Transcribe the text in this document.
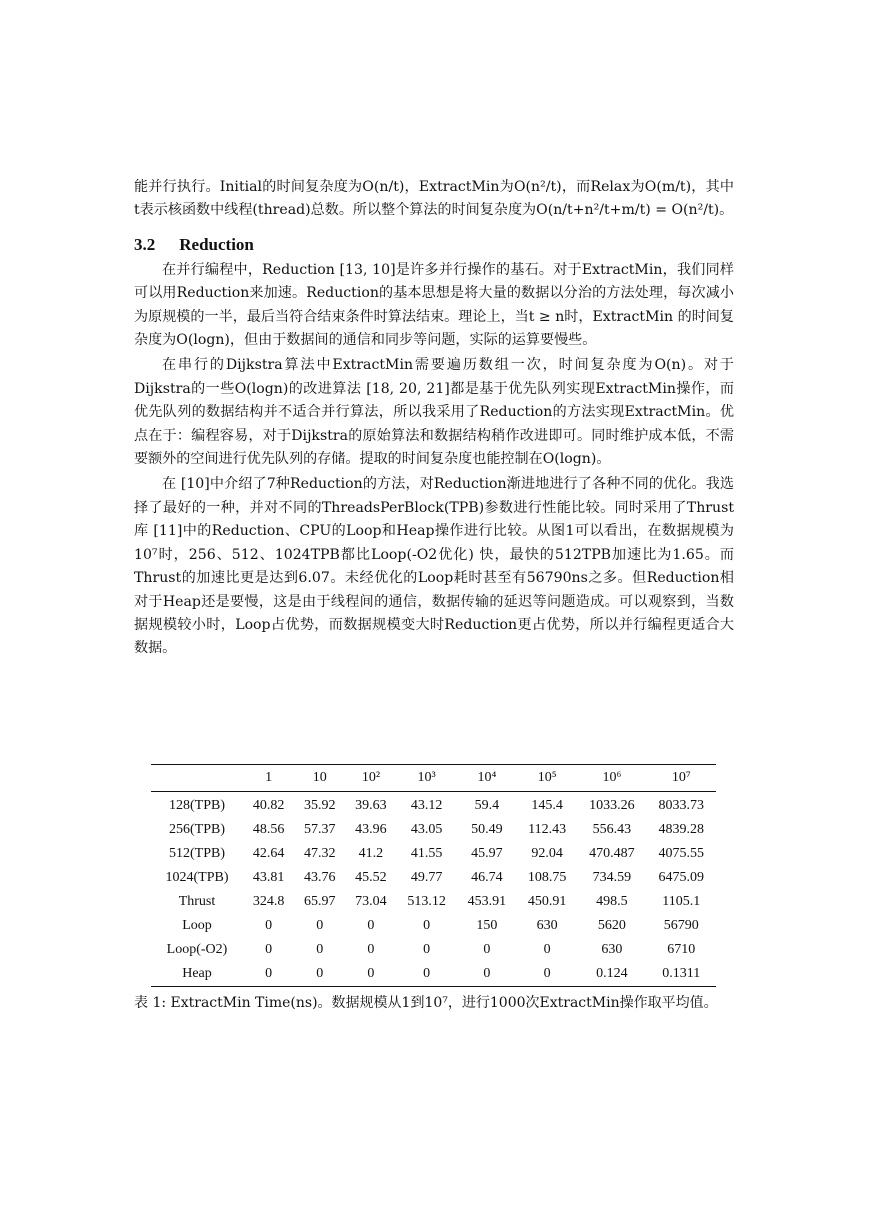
能并行执行。Initial的时间复杂度为O(n/t)，ExtractMin为O(n²/t)，而Relax为O(m/t)，其中t表示核函数中线程(thread)总数。所以整个算法的时间复杂度为O(n/t+n²/t+m/t) = O(n²/t)。

3.2 Reduction

在并行编程中，Reduction [13, 10]是许多并行操作的基石。对于ExtractMin，我们同样可以用Reduction来加速。Reduction的基本思想是将大量的数据以分治的方法处理，每次减小为原规模的一半，最后当符合结束条件时算法结束。理论上，当t ≥ n时，ExtractMin 的时间复杂度为O(logn)，但由于数据间的通信和同步等问题，实际的运算要慢些。

在串行的Dijkstra算法中ExtractMin需要遍历数组一次，时间复杂度为O(n)。对于Dijkstra的一些O(logn)的改进算法 [18, 20, 21]都是基于优先队列实现ExtractMin操作，而优先队列的数据结构并不适合并行算法，所以我采用了Reduction的方法实现ExtractMin。优点在于：编程容易，对于Dijkstra的原始算法和数据结构稍作改进即可。同时维护成本低，不需要额外的空间进行优先队列的存储。提取的时间复杂度也能控制在O(logn)。

在 [10]中介绍了7种Reduction的方法，对Reduction渐进地进行了各种不同的优化。我选择了最好的一种，并对不同的ThreadsPerBlock(TPB)参数进行性能比较。同时采用了Thrust库 [11]中的Reduction、CPU的Loop和Heap操作进行比较。从图1可以看出，在数据规模为10⁷时，256、512、1024TPB都比Loop(-O2优化) 快，最快的512TPB加速比为1.65。而Thrust的加速比更是达到6.07。未经优化的Loop耗时甚至有56790ns之多。但Reduction相对于Heap还是要慢，这是由于线程间的通信，数据传输的延迟等问题造成。可以观察到，当数据规模较小时，Loop占优势，而数据规模变大时Reduction更占优势，所以并行编程更适合大数据。

	1	10	10²	10³	10⁴	10⁵	10⁶	10⁷
128(TPB)	40.82	35.92	39.63	43.12	59.4	145.4	1033.26	8033.73
256(TPB)	48.56	57.37	43.96	43.05	50.49	112.43	556.43	4839.28
512(TPB)	42.64	47.32	41.2	41.55	45.97	92.04	470.487	4075.55
1024(TPB)	43.81	43.76	45.52	49.77	46.74	108.75	734.59	6475.09
Thrust	324.8	65.97	73.04	513.12	453.91	450.91	498.5	1105.1
Loop	0	0	0	0	150	630	5620	56790
Loop(-O2)	0	0	0	0	0	0	630	6710
Heap	0	0	0	0	0	0	0.124	0.1311
表 1: ExtractMin Time(ns)。数据规模从1到10⁷，进行1000次ExtractMin操作取平均值。
